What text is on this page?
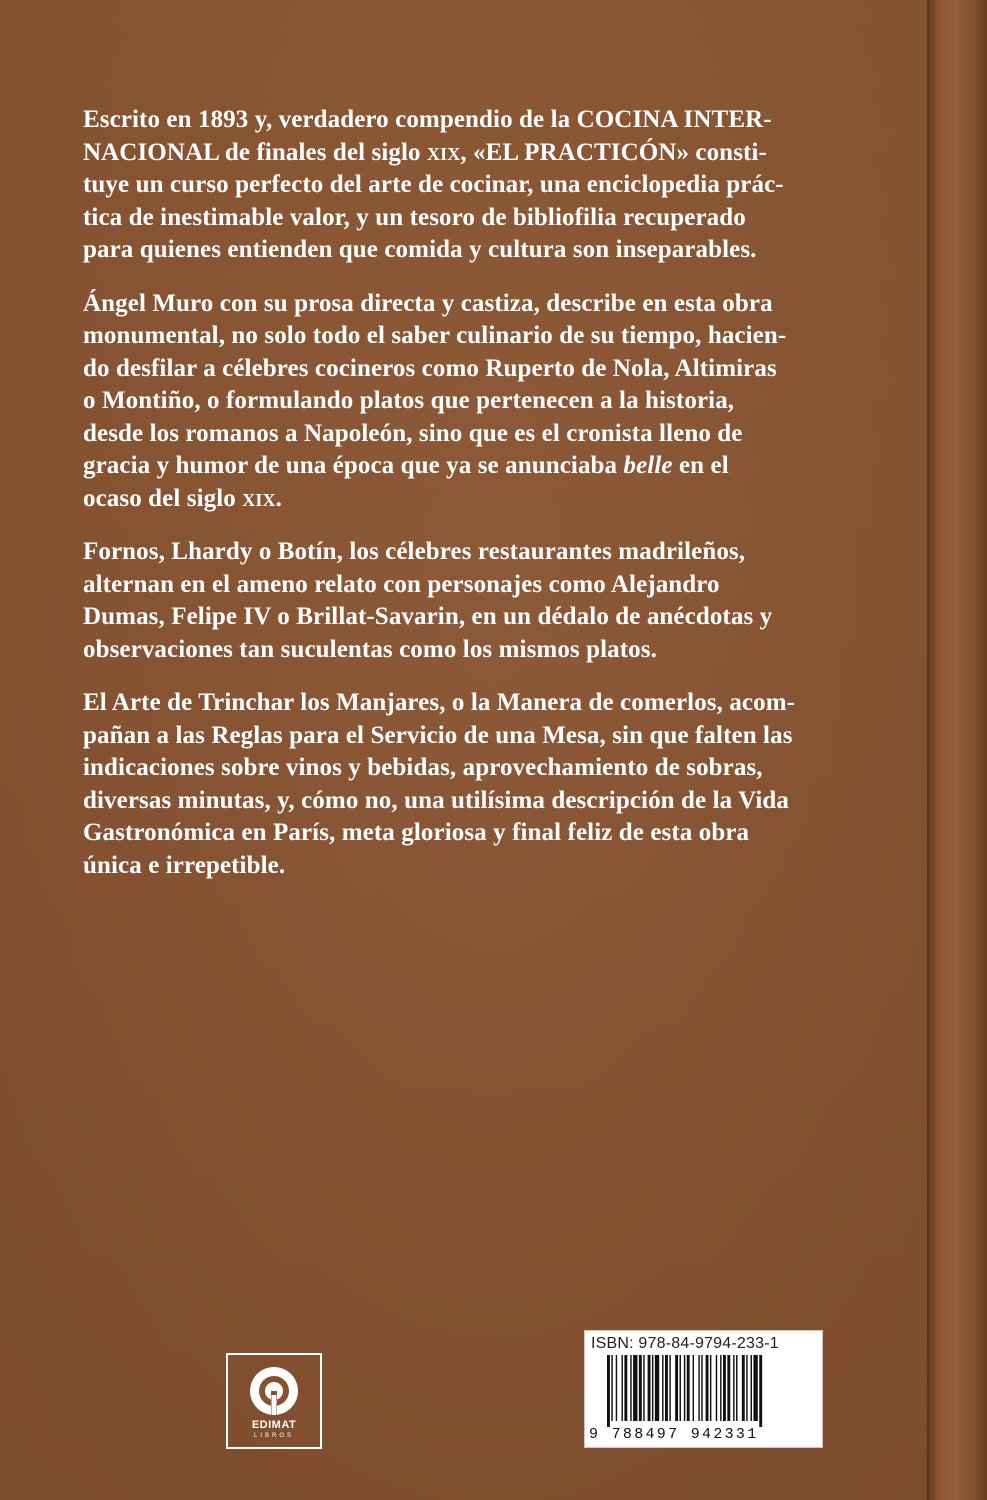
Escrito en 1893 y, verdadero compendio de la COCINA INTER-
NACIONAL de finales del siglo xix, «EL PRACTICÓN» consti-
tuye un curso perfecto del arte de cocinar, una enciclopedia prác-
tica de inestimable valor, y un tesoro de bibliofilia recuperado
para quienes entienden que comida y cultura son inseparables.

Ángel Muro con su prosa directa y castiza, describe en esta obra
monumental, no solo todo el saber culinario de su tiempo, hacien-
do desfilar a célebres cocineros como Ruperto de Nola, Altimiras
o Montiño, o formulando platos que pertenecen a la historia,
desde los romanos a Napoleón, sino que es el cronista lleno de
gracia y humor de una época que ya se anunciaba belle en el
ocaso del siglo xix.

Fornos, Lhardy o Botín, los célebres restaurantes madrileños,
alternan en el ameno relato con personajes como Alejandro
Dumas, Felipe IV o Brillat-Savarin, en un dédalo de anécdotas y
observaciones tan suculentas como los mismos platos.

El Arte de Trinchar los Manjares, o la Manera de comerlos, acom-
pañan a las Reglas para el Servicio de una Mesa, sin que falten las
indicaciones sobre vinos y bebidas, aprovechamiento de sobras,
diversas minutas, y, cómo no, una utilísima descripción de la Vida
Gastronómica en París, meta gloriosa y final feliz de esta obra
única e irrepetible.

EDIMAT
LIBROS
ISBN: 978-84-9794-233-1
9 788497 942331
